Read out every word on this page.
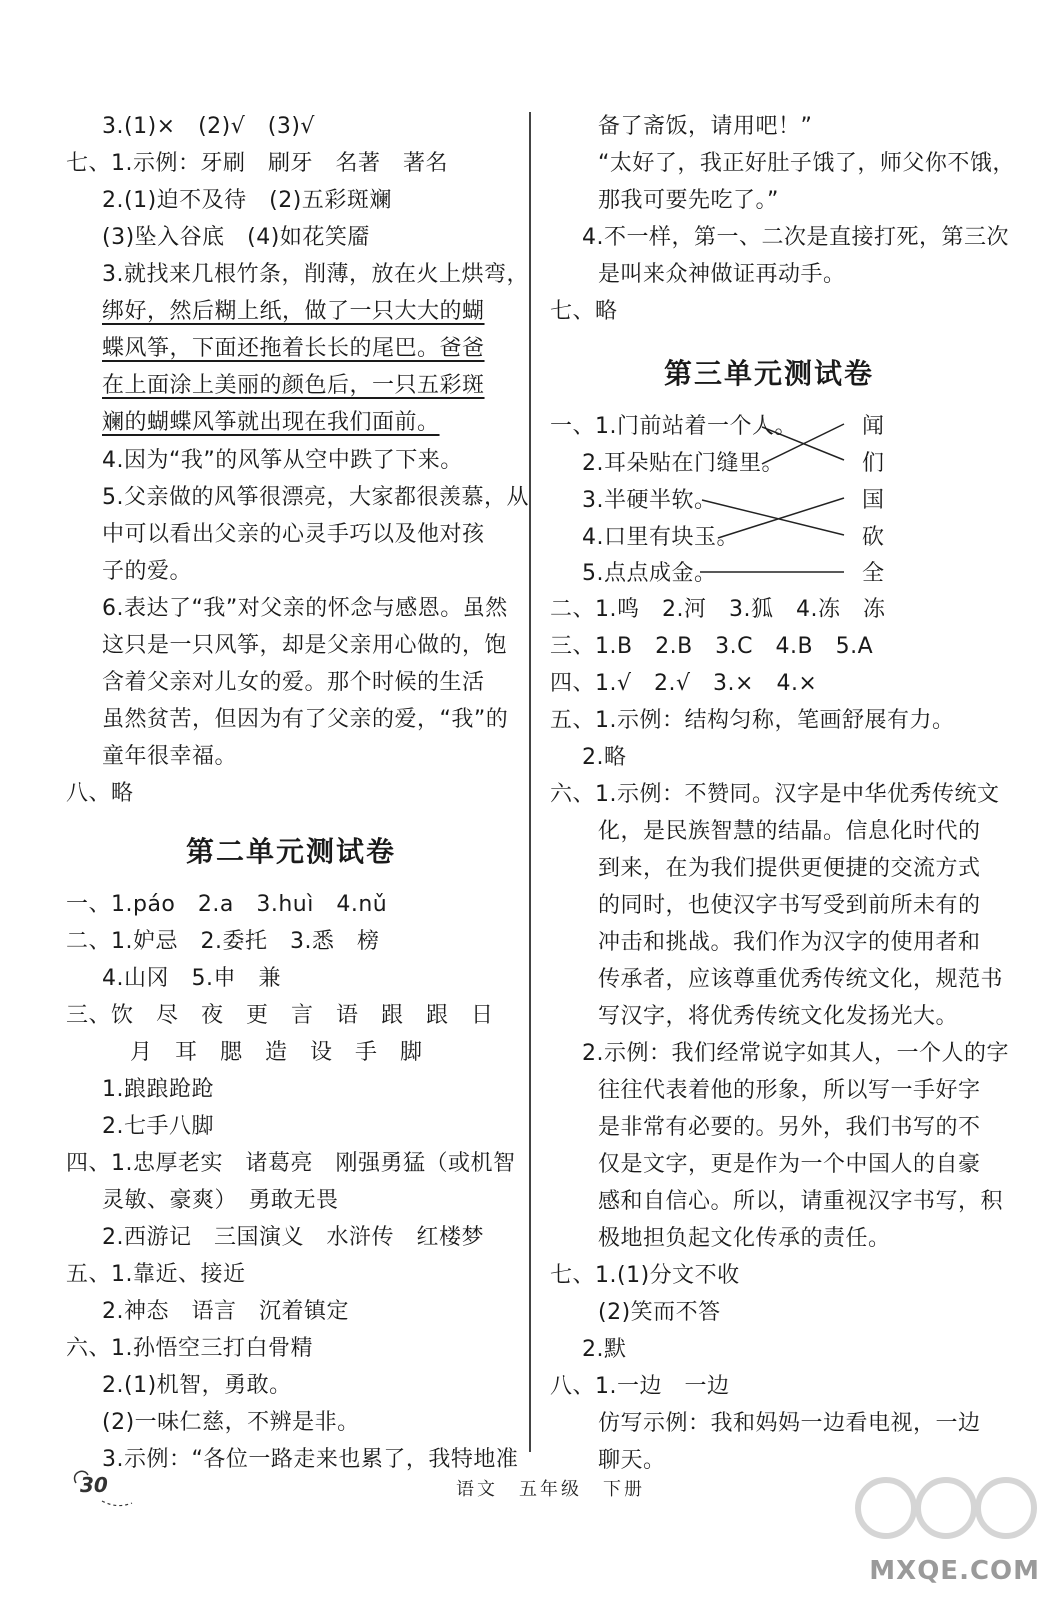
3.(1)×　(2)√　(3)√
七、1.示例：牙刷　刷牙　名著　著名
2.(1)迫不及待　(2)五彩斑斓
(3)坠入谷底　(4)如花笑靥
3.就找来几根竹条，削薄，放在火上烘弯，
绑好，然后糊上纸，做了一只大大的蝴
蝶风筝，下面还拖着长长的尾巴。爸爸
在上面涂上美丽的颜色后，一只五彩斑
斓的蝴蝶风筝就出现在我们面前。
4.因为“我”的风筝从空中跌了下来。
5.父亲做的风筝很漂亮，大家都很羡慕，从
中可以看出父亲的心灵手巧以及他对孩
子的爱。
6.表达了“我”对父亲的怀念与感恩。虽然
这只是一只风筝，却是父亲用心做的，饱
含着父亲对儿女的爱。那个时候的生活
虽然贫苦，但因为有了父亲的爱，“我”的
童年很幸福。
八、略
第二单元测试卷
一、1.páo　2.a　3.huì　4.nǔ
二、1.妒忌　2.委托　3.悉　榜
4.山冈　5.申　兼
三、饮　尽　夜　更　言　语　跟　跟　日
月　耳　腮　造　设　手　脚
1.踉踉跄跄
2.七手八脚
四、1.忠厚老实　诸葛亮　刚强勇猛（或机智
灵敏、豪爽）　勇敢无畏
2.西游记　三国演义　水浒传　红楼梦
五、1.靠近、接近
2.神态　语言　沉着镇定
六、1.孙悟空三打白骨精
2.(1)机智，勇敢。
(2)一味仁慈，不辨是非。
3.示例：“各位一路走来也累了，我特地准
备了斋饭，请用吧！”
“太好了，我正好肚子饿了，师父你不饿，
那我可要先吃了。”
4.不一样，第一、二次是直接打死，第三次
是叫来众神做证再动手。
七、略
第三单元测试卷
一、1.门前站着一个人。
2.耳朵贴在门缝里。
3.半硬半软。
4.口里有块玉。
5.点点成金。
闻
们
国
砍
全
二、1.鸣　2.河　3.狐　4.冻　冻
三、1.B　2.B　3.C　4.B　5.A
四、1.√　2.√　3.×　4.×
五、1.示例：结构匀称，笔画舒展有力。
2.略
六、1.示例：不赞同。汉字是中华优秀传统文
化，是民族智慧的结晶。信息化时代的
到来，在为我们提供更便捷的交流方式
的同时，也使汉字书写受到前所未有的
冲击和挑战。我们作为汉字的使用者和
传承者，应该尊重优秀传统文化，规范书
写汉字，将优秀传统文化发扬光大。
2.示例：我们经常说字如其人，一个人的字
往往代表着他的形象，所以写一手好字
是非常有必要的。另外，我们书写的不
仅是文字，更是作为一个中国人的自豪
感和自信心。所以，请重视汉字书写，积
极地担负起文化传承的责任。
七、1.(1)分文不收
(2)笑而不答
2.默
八、1.一边　一边
仿写示例：我和妈妈一边看电视，一边
聊天。
30	语文　五年级　下册
MXQE.COM
